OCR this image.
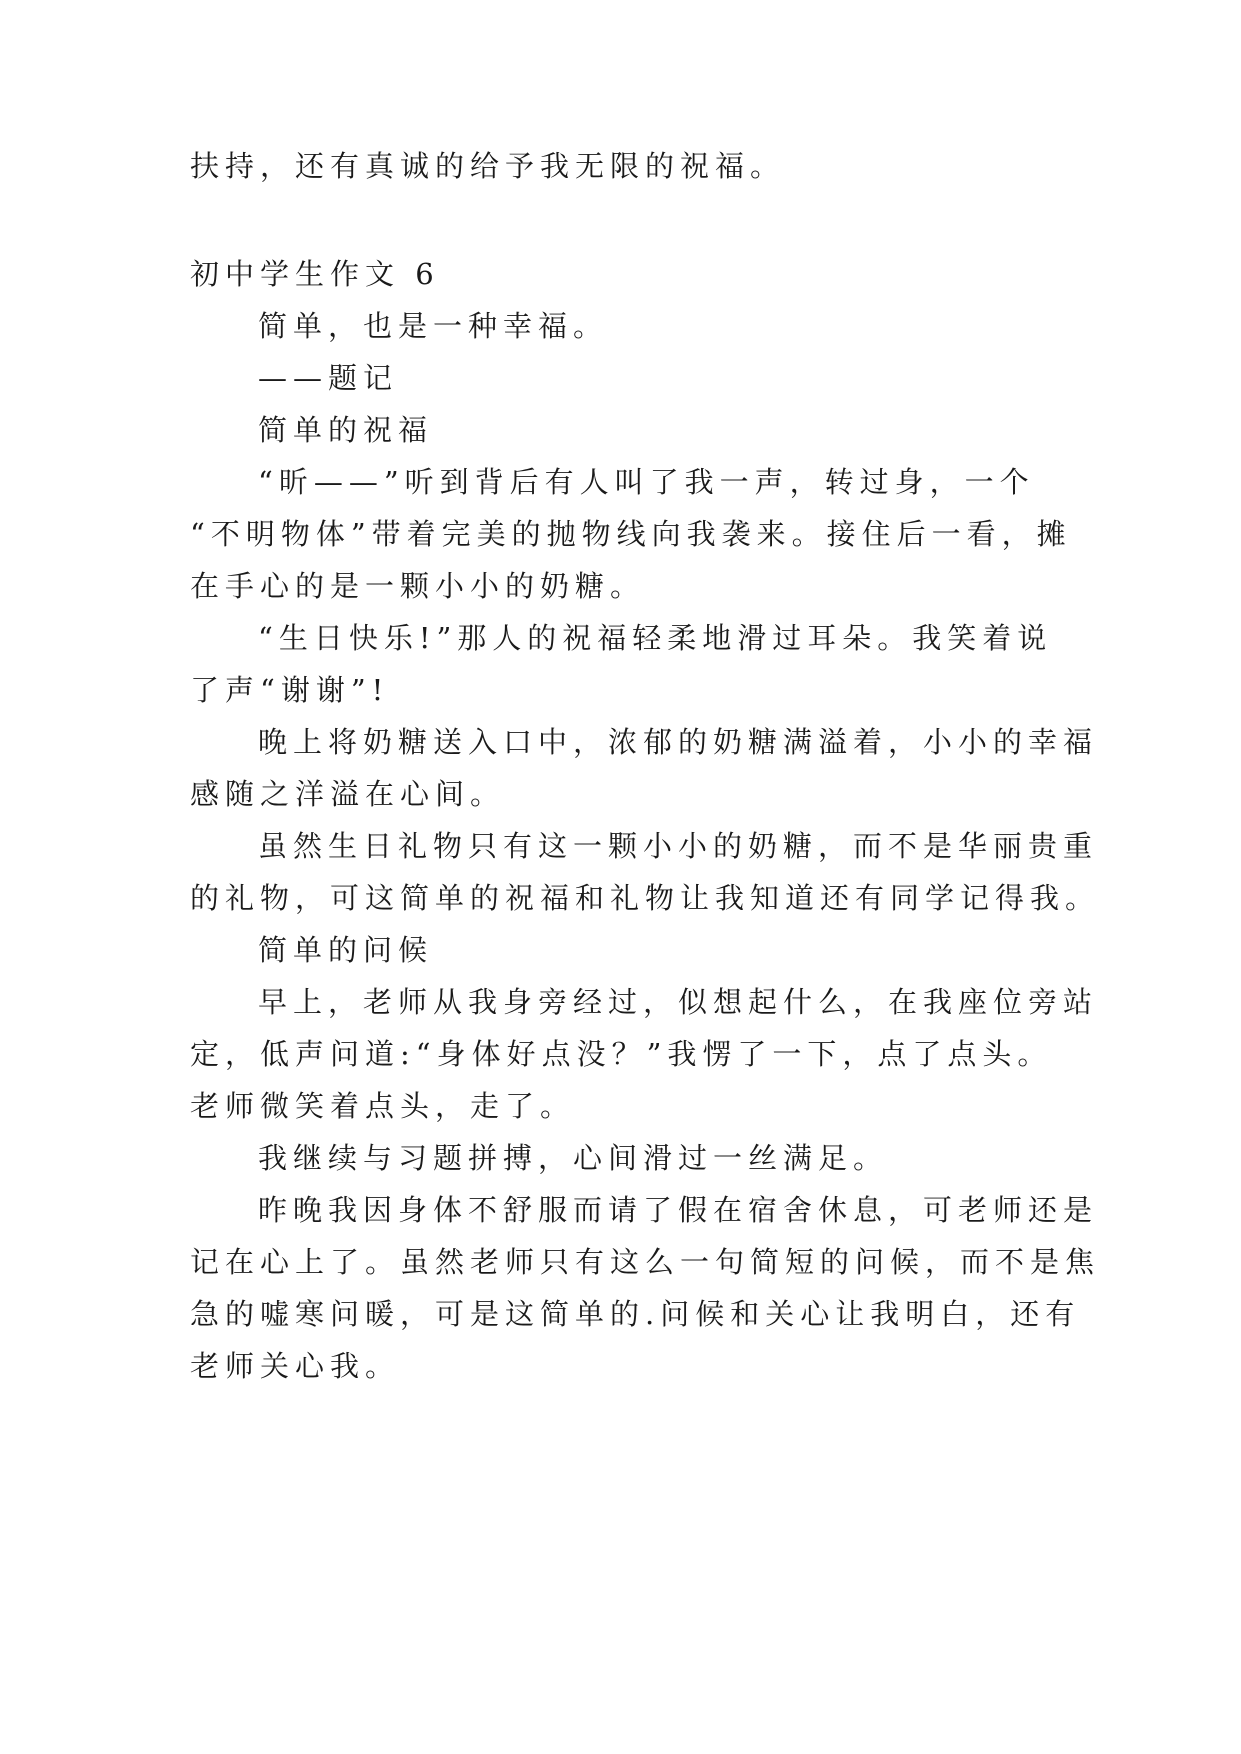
扶持，还有真诚的给予我无限的祝福。
初中学生作文 6
简单，也是一种幸福。
——题记
简单的祝福
“昕——”听到背后有人叫了我一声，转过身，一个
“不明物体”带着完美的抛物线向我袭来。接住后一看，摊
在手心的是一颗小小的奶糖。
“生日快乐!”那人的祝福轻柔地滑过耳朵。我笑着说
了声“谢谢”!
晚上将奶糖送入口中，浓郁的奶糖满溢着，小小的幸福
感随之洋溢在心间。
虽然生日礼物只有这一颗小小的奶糖，而不是华丽贵重
的礼物，可这简单的祝福和礼物让我知道还有同学记得我。
简单的问候
早上，老师从我身旁经过，似想起什么，在我座位旁站
定，低声问道:“身体好点没？”我愣了一下，点了点头。
老师微笑着点头，走了。
我继续与习题拼搏，心间滑过一丝满足。
昨晚我因身体不舒服而请了假在宿舍休息，可老师还是
记在心上了。虽然老师只有这么一句简短的问候，而不是焦
急的嘘寒问暖，可是这简单的.问候和关心让我明白，还有
老师关心我。
